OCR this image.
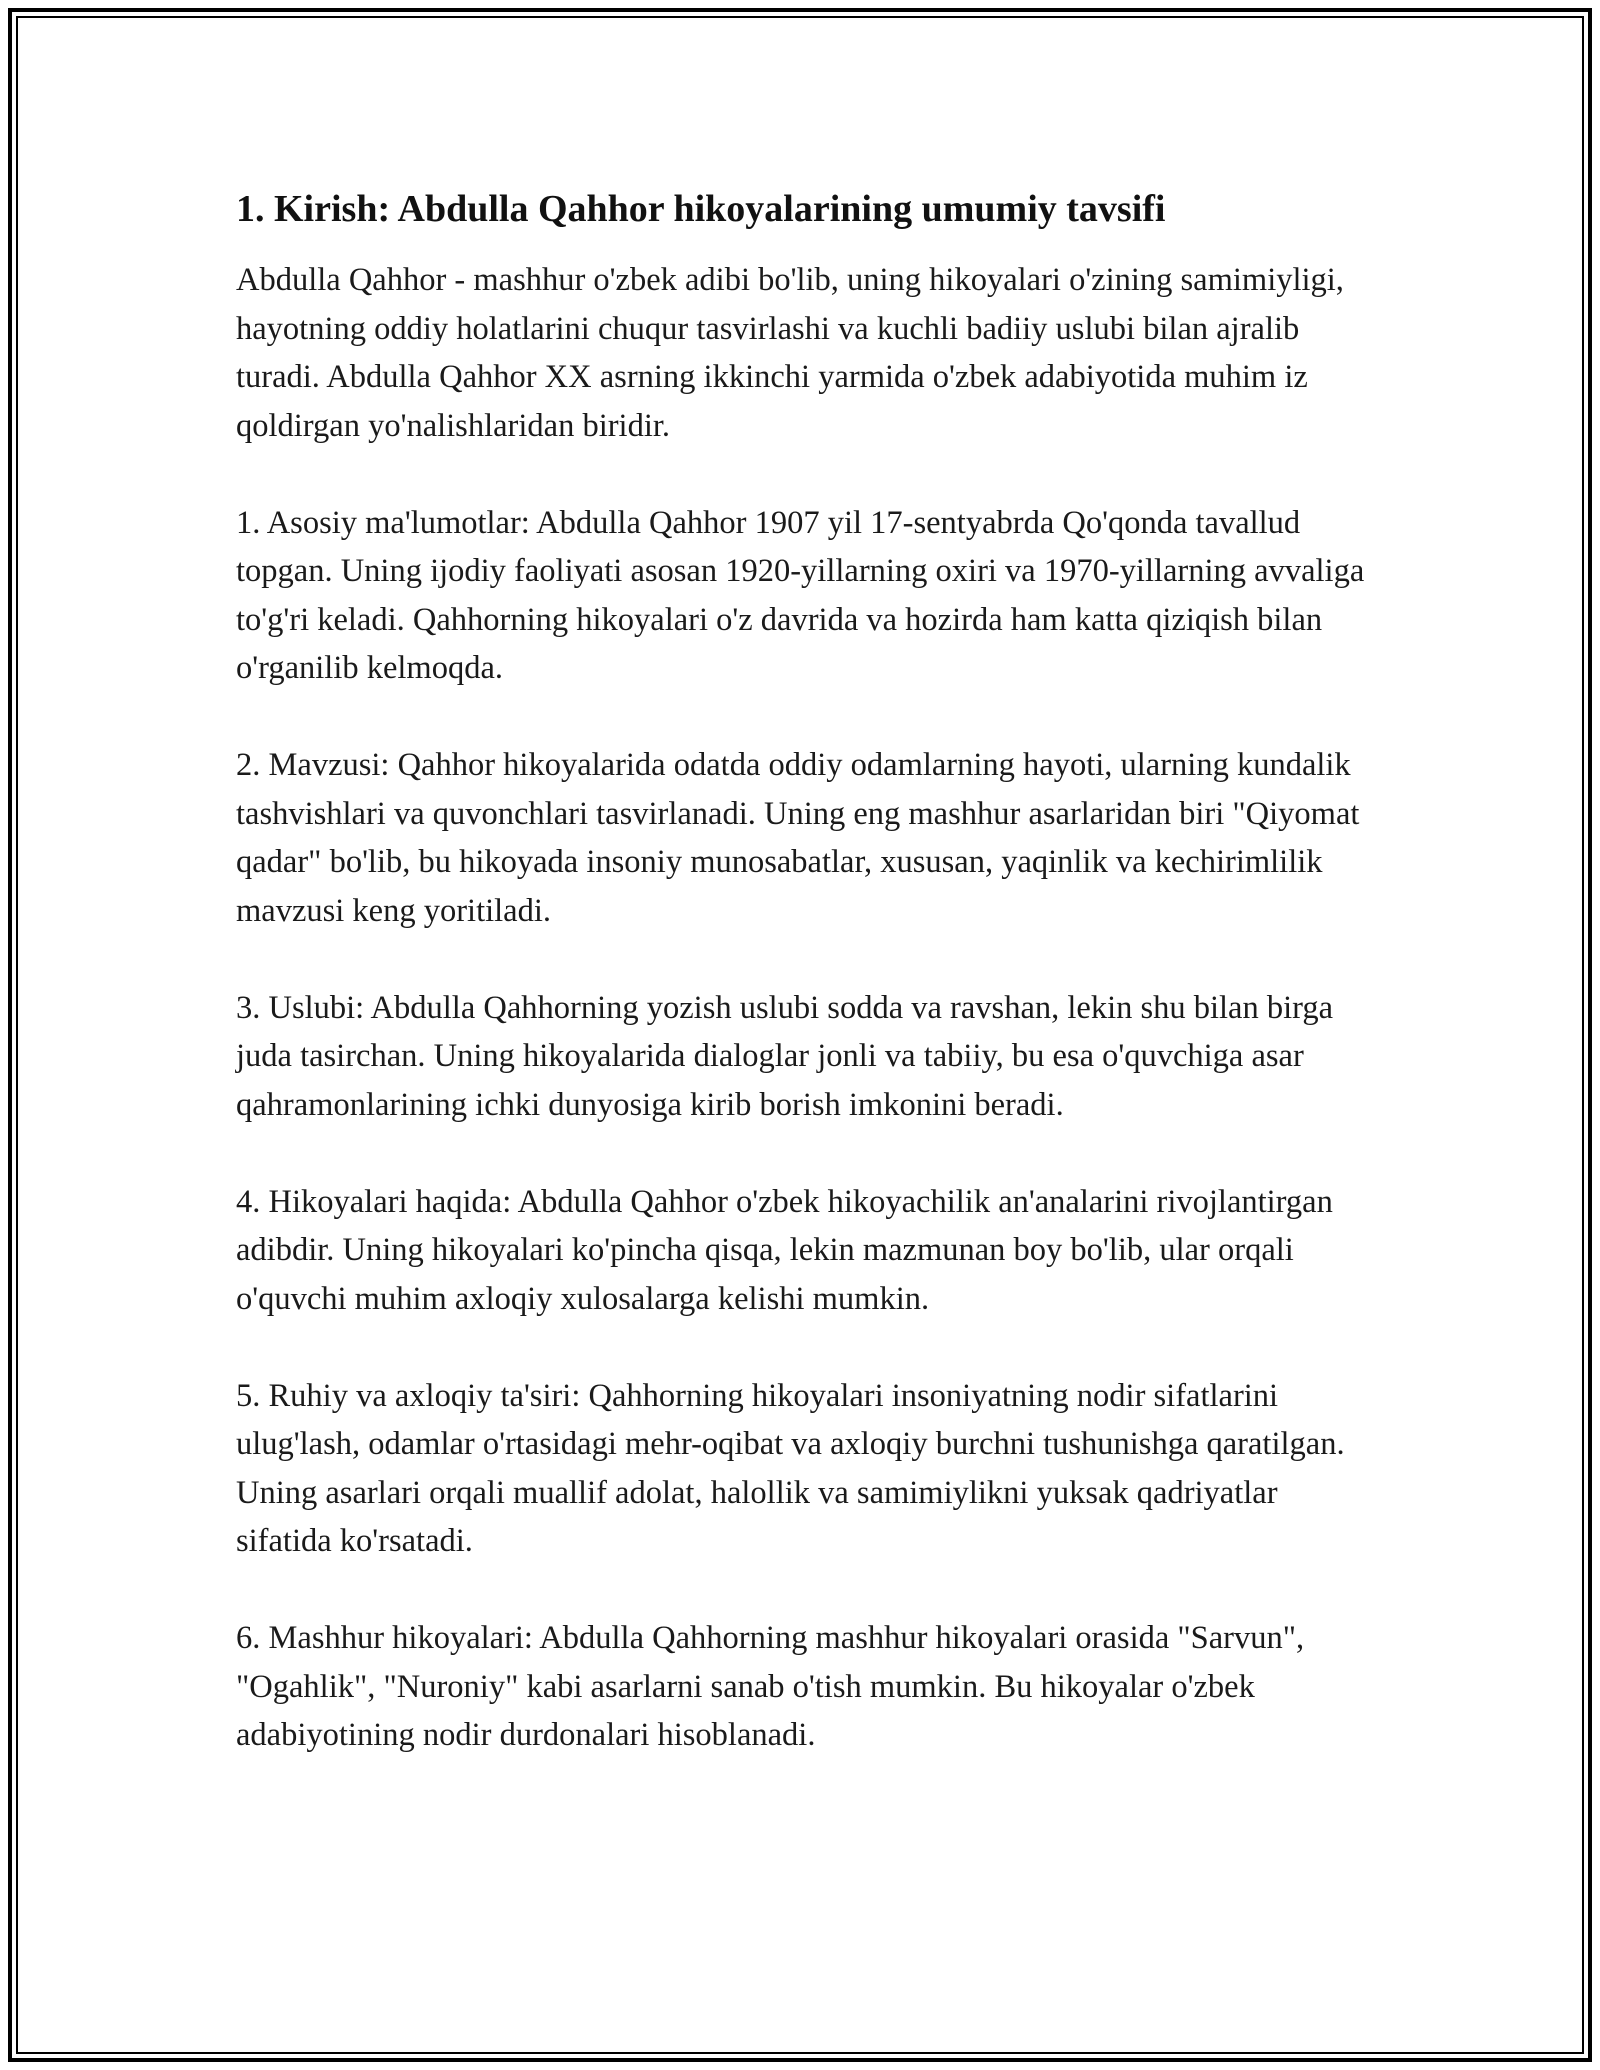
1. Kirish: Abdulla Qahhor hikoyalarining umumiy tavsifi

Abdulla Qahhor - mashhur o'zbek adibi bo'lib, uning hikoyalari o'zining samimiyligi, hayotning oddiy holatlarini chuqur tasvirlashi va kuchli badiiy uslubi bilan ajralib turadi. Abdulla Qahhor XX asrning ikkinchi yarmida o'zbek adabiyotida muhim iz qoldirgan yo'nalishlaridan biridir.

1. Asosiy ma'lumotlar: Abdulla Qahhor 1907 yil 17-sentyabrda Qo'qonda tavallud topgan. Uning ijodiy faoliyati asosan 1920-yillarning oxiri va 1970-yillarning avvaliga to'g'ri keladi. Qahhorning hikoyalari o'z davrida va hozirda ham katta qiziqish bilan o'rganilib kelmoqda.

2. Mavzusi: Qahhor hikoyalarida odatda oddiy odamlarning hayoti, ularning kundalik tashvishlari va quvonchlari tasvirlanadi. Uning eng mashhur asarlaridan biri "Qiyomat qadar" bo'lib, bu hikoyada insoniy munosabatlar, xususan, yaqinlik va kechirimlilik mavzusi keng yoritiladi.

3. Uslubi: Abdulla Qahhorning yozish uslubi sodda va ravshan, lekin shu bilan birga juda tasirchan. Uning hikoyalarida dialoglar jonli va tabiiy, bu esa o'quvchiga asar qahramonlarining ichki dunyosiga kirib borish imkonini beradi.

4. Hikoyalari haqida: Abdulla Qahhor o'zbek hikoyachilik an'analarini rivojlantirgan adibdir. Uning hikoyalari ko'pincha qisqa, lekin mazmunan boy bo'lib, ular orqali o'quvchi muhim axloqiy xulosalarga kelishi mumkin.

5. Ruhiy va axloqiy ta'siri: Qahhorning hikoyalari insoniyatning nodir sifatlarini ulug'lash, odamlar o'rtasidagi mehr-oqibat va axloqiy burchni tushunishga qaratilgan. Uning asarlari orqali muallif adolat, halollik va samimiylikni yuksak qadriyatlar sifatida ko'rsatadi.

6. Mashhur hikoyalari: Abdulla Qahhorning mashhur hikoyalari orasida "Sarvun", "Ogahlik", "Nuroniy" kabi asarlarni sanab o'tish mumkin. Bu hikoyalar o'zbek adabiyotining nodir durdonalari hisoblanadi.
